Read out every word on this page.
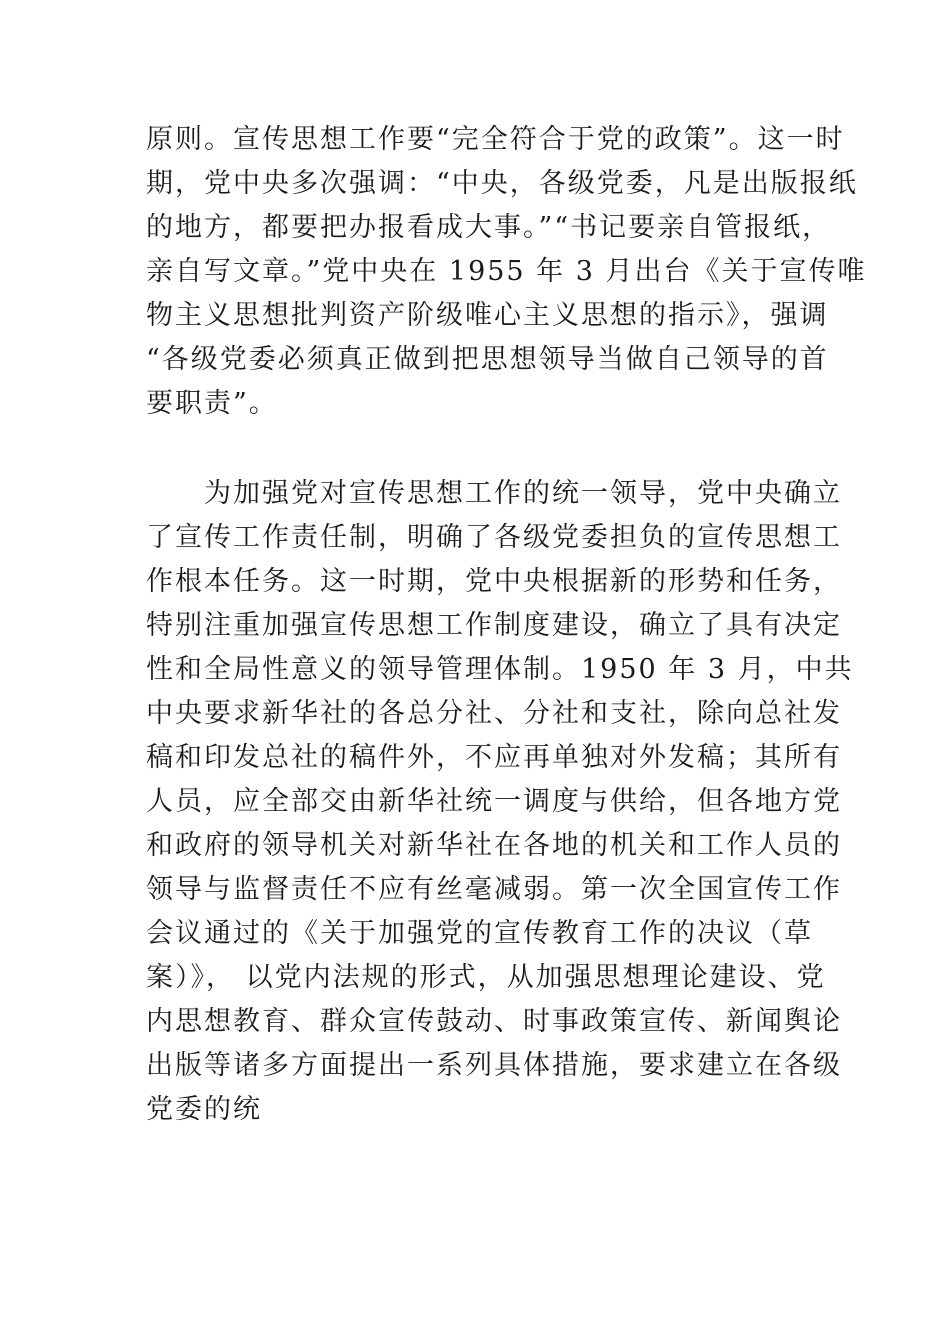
原则。宣传思想工作要“完全符合于党的政策”。这一时
期，党中央多次强调：“中央，各级党委，凡是出版报纸
的地方，都要把办报看成大事。”“书记要亲自管报纸，
亲自写文章。”党中央在 1955 年 3 月出台《关于宣传唯
物主义思想批判资产阶级唯心主义思想的指示》，强调
“各级党委必须真正做到把思想领导当做自己领导的首
要职责”。
　　为加强党对宣传思想工作的统一领导，党中央确立
了宣传工作责任制，明确了各级党委担负的宣传思想工
作根本任务。这一时期，党中央根据新的形势和任务，
特别注重加强宣传思想工作制度建设，确立了具有决定
性和全局性意义的领导管理体制。1950 年 3 月，中共
中央要求新华社的各总分社、分社和支社，除向总社发
稿和印发总社的稿件外，不应再单独对外发稿；其所有
人员，应全部交由新华社统一调度与供给，但各地方党
和政府的领导机关对新华社在各地的机关和工作人员的
领导与监督责任不应有丝毫减弱。第一次全国宣传工作
会议通过的《关于加强党的宣传教育工作的决议（草
案）》， 以党内法规的形式，从加强思想理论建设、党
内思想教育、群众宣传鼓动、时事政策宣传、新闻舆论
出版等诸多方面提出一系列具体措施，要求建立在各级
党委的统
